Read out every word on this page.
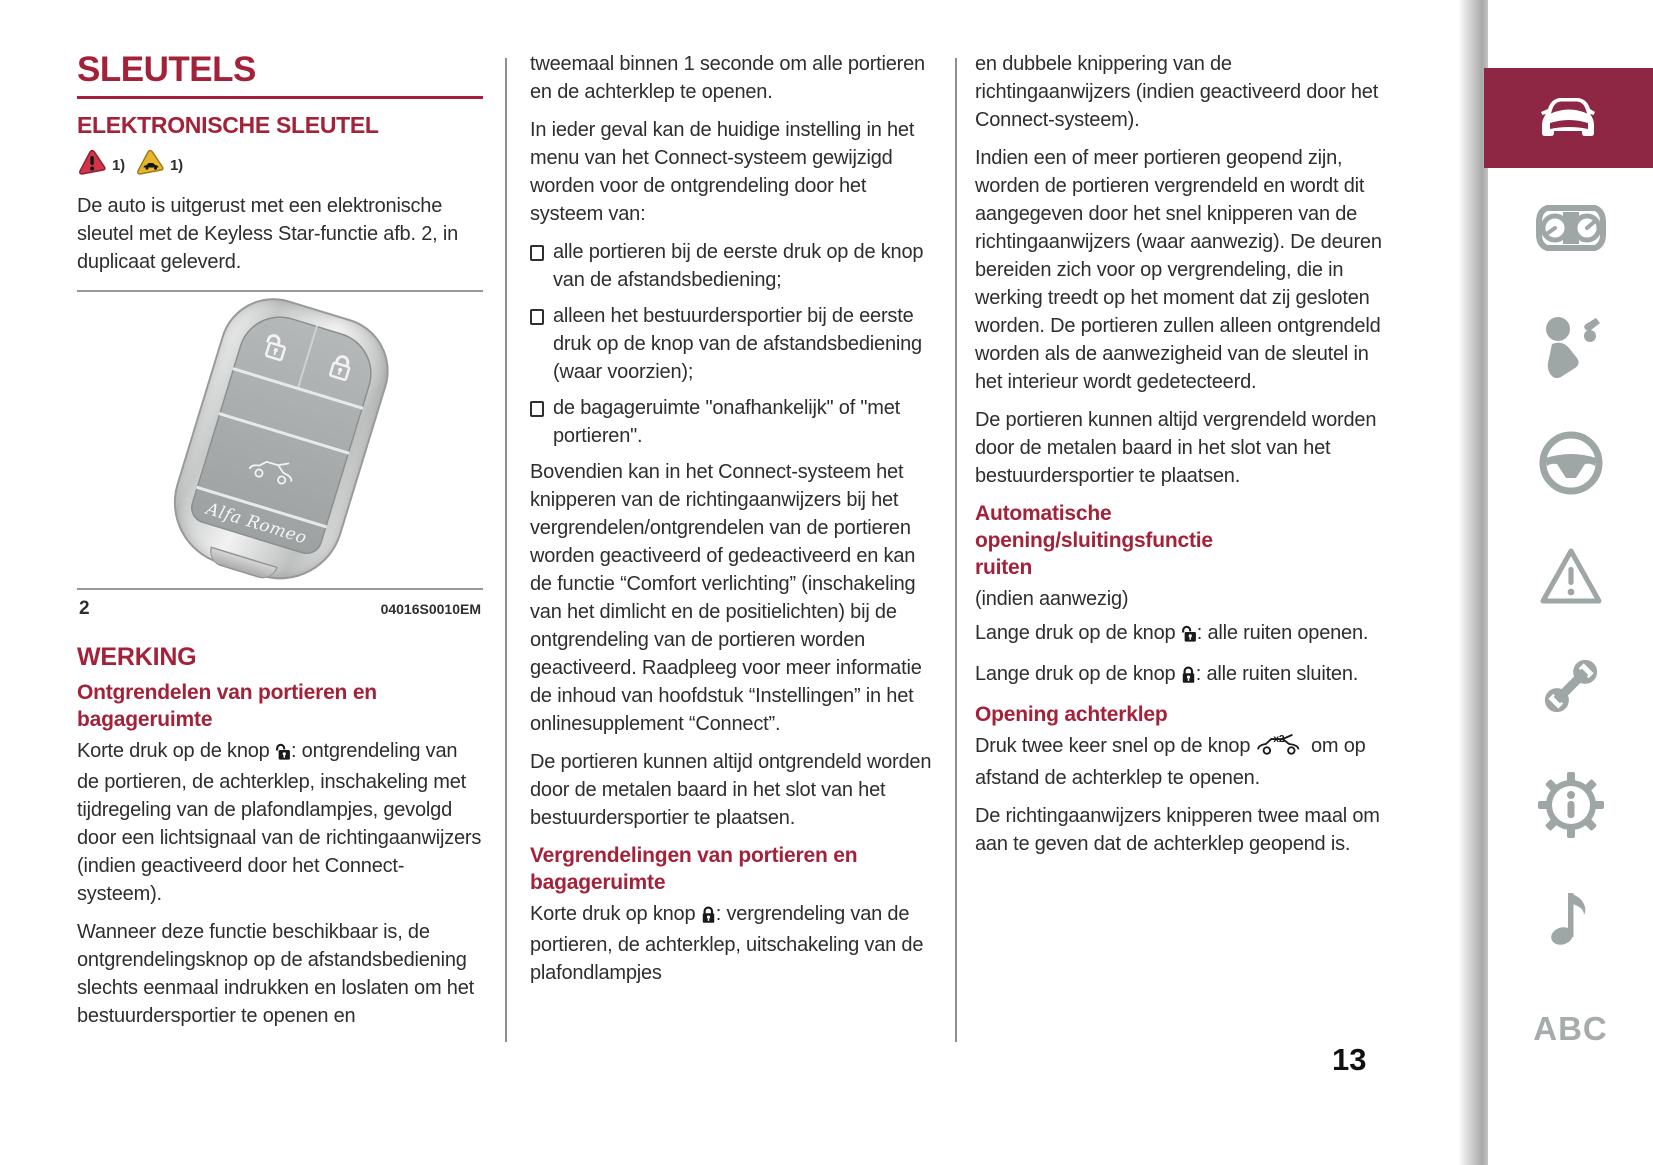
SLEUTELS
ELEKTRONISCHE SLEUTEL
1)	1)

De auto is uitgerust met een elektronische sleutel met de Keyless Star-functie afb. 2, in duplicaat geleverd.

Alfa Romeo
2	04016S0010EM
WERKING
Ontgrendelen van portieren en bagageruimte

Korte druk op de knop : ontgrendeling van de portieren, de achterklep, inschakeling met tijdregeling van de plafondlampjes, gevolgd door een lichtsignaal van de richtingaanwijzers (indien geactiveerd door het Connect-systeem).

Wanneer deze functie beschikbaar is, de ontgrendelingsknop op de afstandsbediening slechts eenmaal indrukken en loslaten om het bestuurdersportier te openen en

tweemaal binnen 1 seconde om alle portieren en de achterklep te openen.

In ieder geval kan de huidige instelling in het menu van het Connect-systeem gewijzigd worden voor de ontgrendeling door het systeem van:

alle portieren bij de eerste druk op de knop van de afstandsbediening;
alleen het bestuurdersportier bij de eerste druk op de knop van de afstandsbediening (waar voorzien);
de bagageruimte "onafhankelijk" of "met portieren".

Bovendien kan in het Connect-systeem het knipperen van de richtingaanwijzers bij het vergrendelen/ontgrendelen van de portieren worden geactiveerd of gedeactiveerd en kan de functie “Comfort verlichting” (inschakeling van het dimlicht en de positielichten) bij de ontgrendeling van de portieren worden geactiveerd. Raadpleeg voor meer informatie de inhoud van hoofdstuk “Instellingen” in het onlinesupplement “Connect”.

De portieren kunnen altijd ontgrendeld worden door de metalen baard in het slot van het bestuurdersportier te plaatsen.

Vergrendelingen van portieren en bagageruimte

Korte druk op knop : vergrendeling van de portieren, de achterklep, uitschakeling van de plafondlampjes

en dubbele knippering van de richtingaanwijzers (indien geactiveerd door het Connect-systeem).

Indien een of meer portieren geopend zijn, worden de portieren vergrendeld en wordt dit aangegeven door het snel knipperen van de richtingaanwijzers (waar aanwezig). De deuren bereiden zich voor op vergrendeling, die in werking treedt op het moment dat zij gesloten worden. De portieren zullen alleen ontgrendeld worden als de aanwezigheid van de sleutel in het interieur wordt gedetecteerd.

De portieren kunnen altijd vergrendeld worden door de metalen baard in het slot van het bestuurdersportier te plaatsen.

Automatische opening/sluitingsfunctie ruiten

(indien aanwezig)

Lange druk op de knop : alle ruiten openen.

Lange druk op de knop : alle ruiten sluiten.

Opening achterklep

Druk twee keer snel op de knop x2 om op afstand de achterklep te openen.

De richtingaanwijzers knipperen twee maal om aan te geven dat de achterklep geopend is.

ABC
13
